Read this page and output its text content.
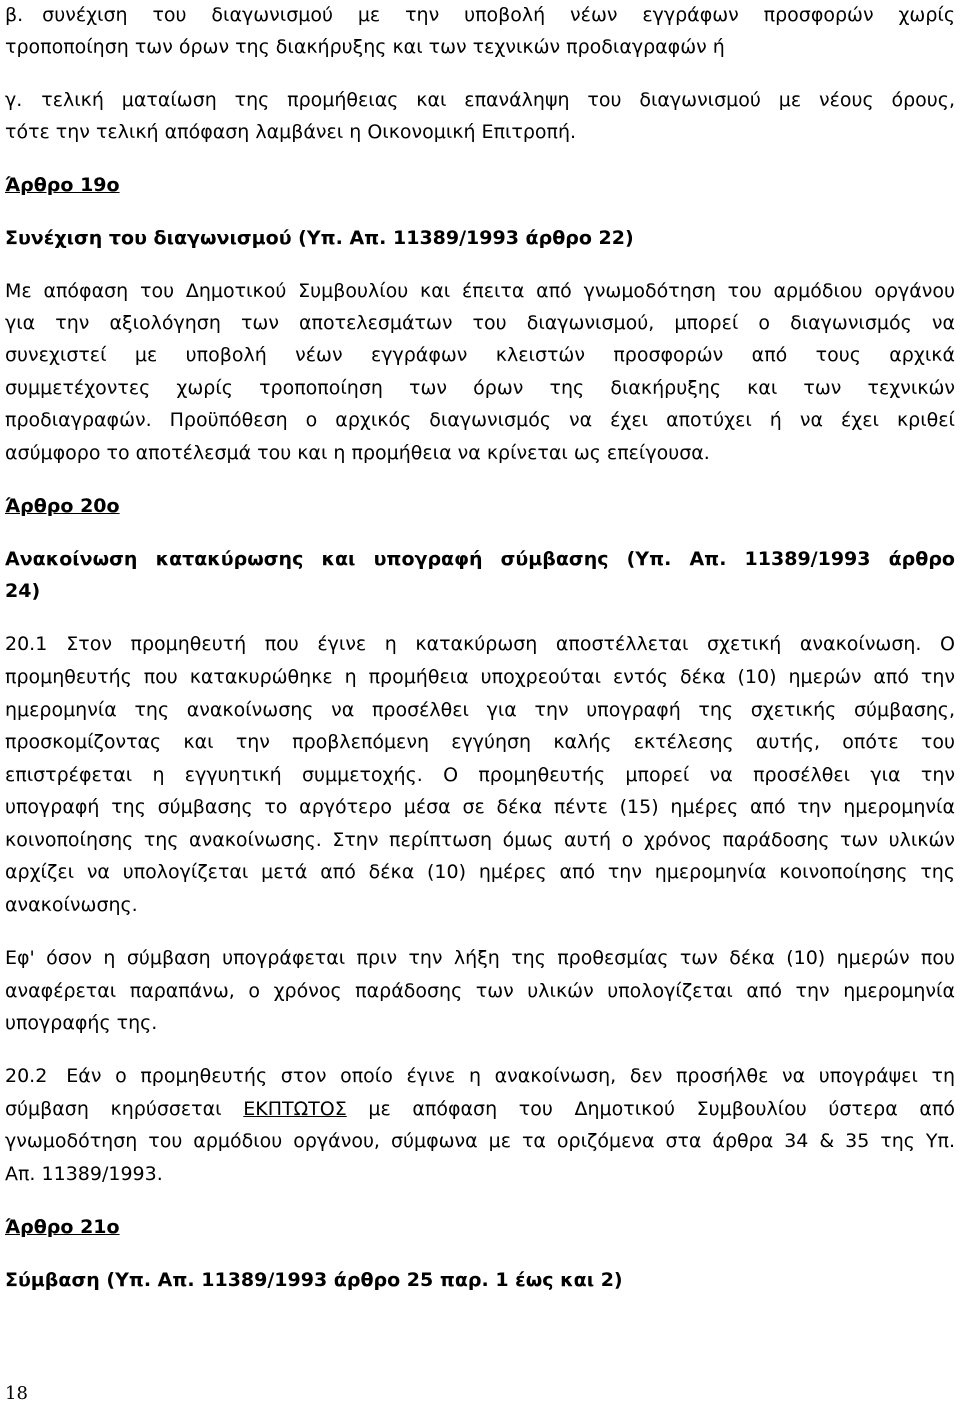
β. συνέχιση του διαγωνισμού με την υποβολή νέων εγγράφων προσφορών χωρίς
τροποποίηση των όρων της διακήρυξης και των τεχνικών προδιαγραφών ή
γ. τελική ματαίωση της προμήθειας και επανάληψη του διαγωνισμού με νέους όρους,
τότε την τελική απόφαση λαμβάνει η Οικονομική Επιτροπή.
Άρθρο 19ο
Συνέχιση του διαγωνισμού (Υπ. Απ. 11389/1993 άρθρο 22)
Με απόφαση του Δημοτικού Συμβουλίου και έπειτα από γνωμοδότηση του αρμόδιου οργάνου
για την αξιολόγηση των αποτελεσμάτων του διαγωνισμού, μπορεί ο διαγωνισμός να
συνεχιστεί με υποβολή νέων εγγράφων κλειστών προσφορών από τους αρχικά
συμμετέχοντες χωρίς τροποποίηση των όρων της διακήρυξης και των τεχνικών
προδιαγραφών. Προϋπόθεση ο αρχικός διαγωνισμός να έχει αποτύχει ή να έχει κριθεί
ασύμφορο το αποτέλεσμά του και η προμήθεια να κρίνεται ως επείγουσα.
Άρθρο 20ο
Ανακοίνωση κατακύρωσης και υπογραφή σύμβασης (Υπ. Απ. 11389/1993 άρθρο
24)
20.1 Στον προμηθευτή που έγινε η κατακύρωση αποστέλλεται σχετική ανακοίνωση. Ο
προμηθευτής που κατακυρώθηκε η προμήθεια υποχρεούται εντός δέκα (10) ημερών από την
ημερομηνία της ανακοίνωσης να προσέλθει για την υπογραφή της σχετικής σύμβασης,
προσκομίζοντας και την προβλεπόμενη εγγύηση καλής εκτέλεσης αυτής, οπότε του
επιστρέφεται η εγγυητική συμμετοχής. Ο προμηθευτής μπορεί να προσέλθει για την
υπογραφή της σύμβασης το αργότερο μέσα σε δέκα πέντε (15) ημέρες από την ημερομηνία
κοινοποίησης της ανακοίνωσης. Στην περίπτωση όμως αυτή ο χρόνος παράδοσης των υλικών
αρχίζει να υπολογίζεται μετά από δέκα (10) ημέρες από την ημερομηνία κοινοποίησης της
ανακοίνωσης.
Εφ' όσον η σύμβαση υπογράφεται πριν την λήξη της προθεσμίας των δέκα (10) ημερών που
αναφέρεται παραπάνω, ο χρόνος παράδοσης των υλικών υπολογίζεται από την ημερομηνία
υπογραφής της.
20.2 Εάν ο προμηθευτής στον οποίο έγινε η ανακοίνωση, δεν προσήλθε να υπογράψει τη
σύμβαση κηρύσσεται ΕΚΠΤΩΤΟΣ με απόφαση του Δημοτικού Συμβουλίου ύστερα από
γνωμοδότηση του αρμόδιου οργάνου, σύμφωνα με τα οριζόμενα στα άρθρα 34 & 35 της Υπ.
Απ. 11389/1993.
Άρθρο 21ο
Σύμβαση (Υπ. Απ. 11389/1993 άρθρο 25 παρ. 1 έως και 2)
18
